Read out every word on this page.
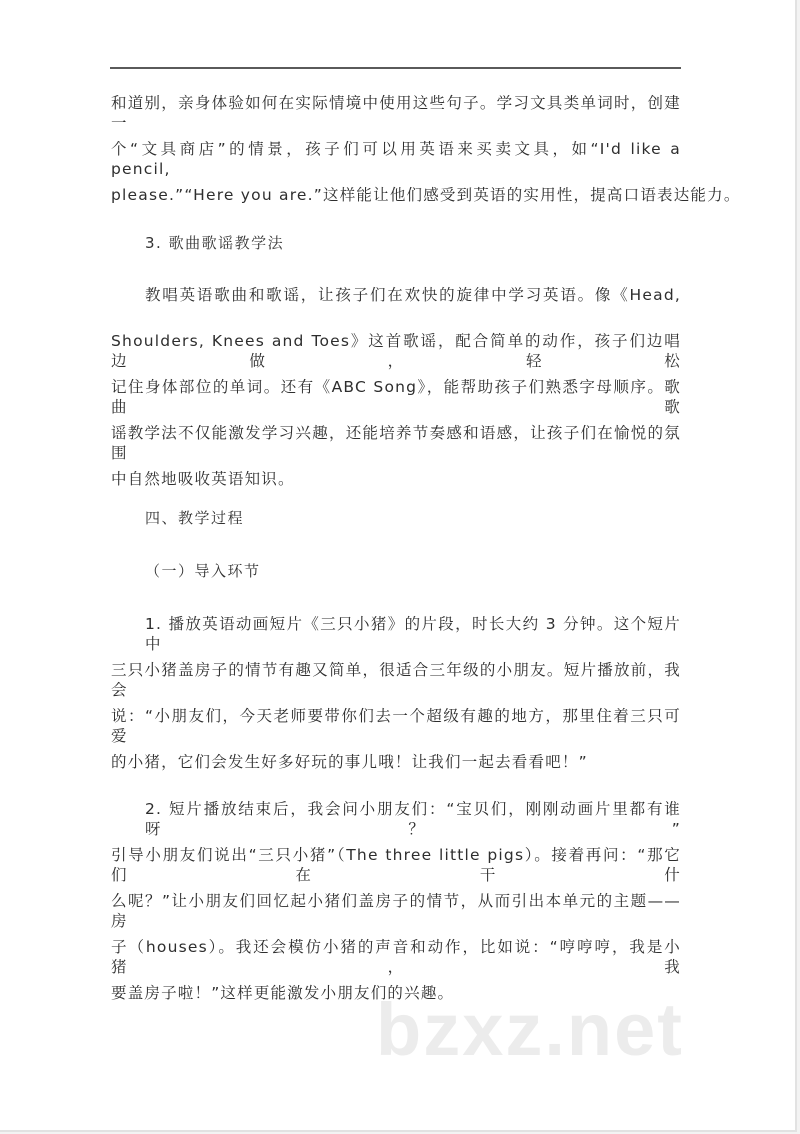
和道别，亲身体验如何在实际情境中使用这些句子。学习文具类单词时，创建一
个“文具商店”的情景，孩子们可以用英语来买卖文具，如“I'd like a pencil,
please.”“Here you are.”这样能让他们感受到英语的实用性，提高口语表达能力。
3. 歌曲歌谣教学法
教唱英语歌曲和歌谣，让孩子们在欢快的旋律中学习英语。像《Head,
Shoulders, Knees and Toes》这首歌谣，配合简单的动作，孩子们边唱边做，轻松
记住身体部位的单词。还有《ABC Song》，能帮助孩子们熟悉字母顺序。歌曲歌
谣教学法不仅能激发学习兴趣，还能培养节奏感和语感，让孩子们在愉悦的氛围
中自然地吸收英语知识。
四、教学过程
（一）导入环节
1. 播放英语动画短片《三只小猪》的片段，时长大约 3 分钟。这个短片中
三只小猪盖房子的情节有趣又简单，很适合三年级的小朋友。短片播放前，我会
说：“小朋友们，今天老师要带你们去一个超级有趣的地方，那里住着三只可爱
的小猪，它们会发生好多好玩的事儿哦！让我们一起去看看吧！”
2. 短片播放结束后，我会问小朋友们：“宝贝们，刚刚动画片里都有谁呀？”
引导小朋友们说出“三只小猪”（The three little pigs）。接着再问：“那它们在干什
么呢？”让小朋友们回忆起小猪们盖房子的情节，从而引出本单元的主题——房
子（houses）。我还会模仿小猪的声音和动作，比如说：“哼哼哼，我是小猪，我
要盖房子啦！”这样更能激发小朋友们的兴趣。
bzxz.net
